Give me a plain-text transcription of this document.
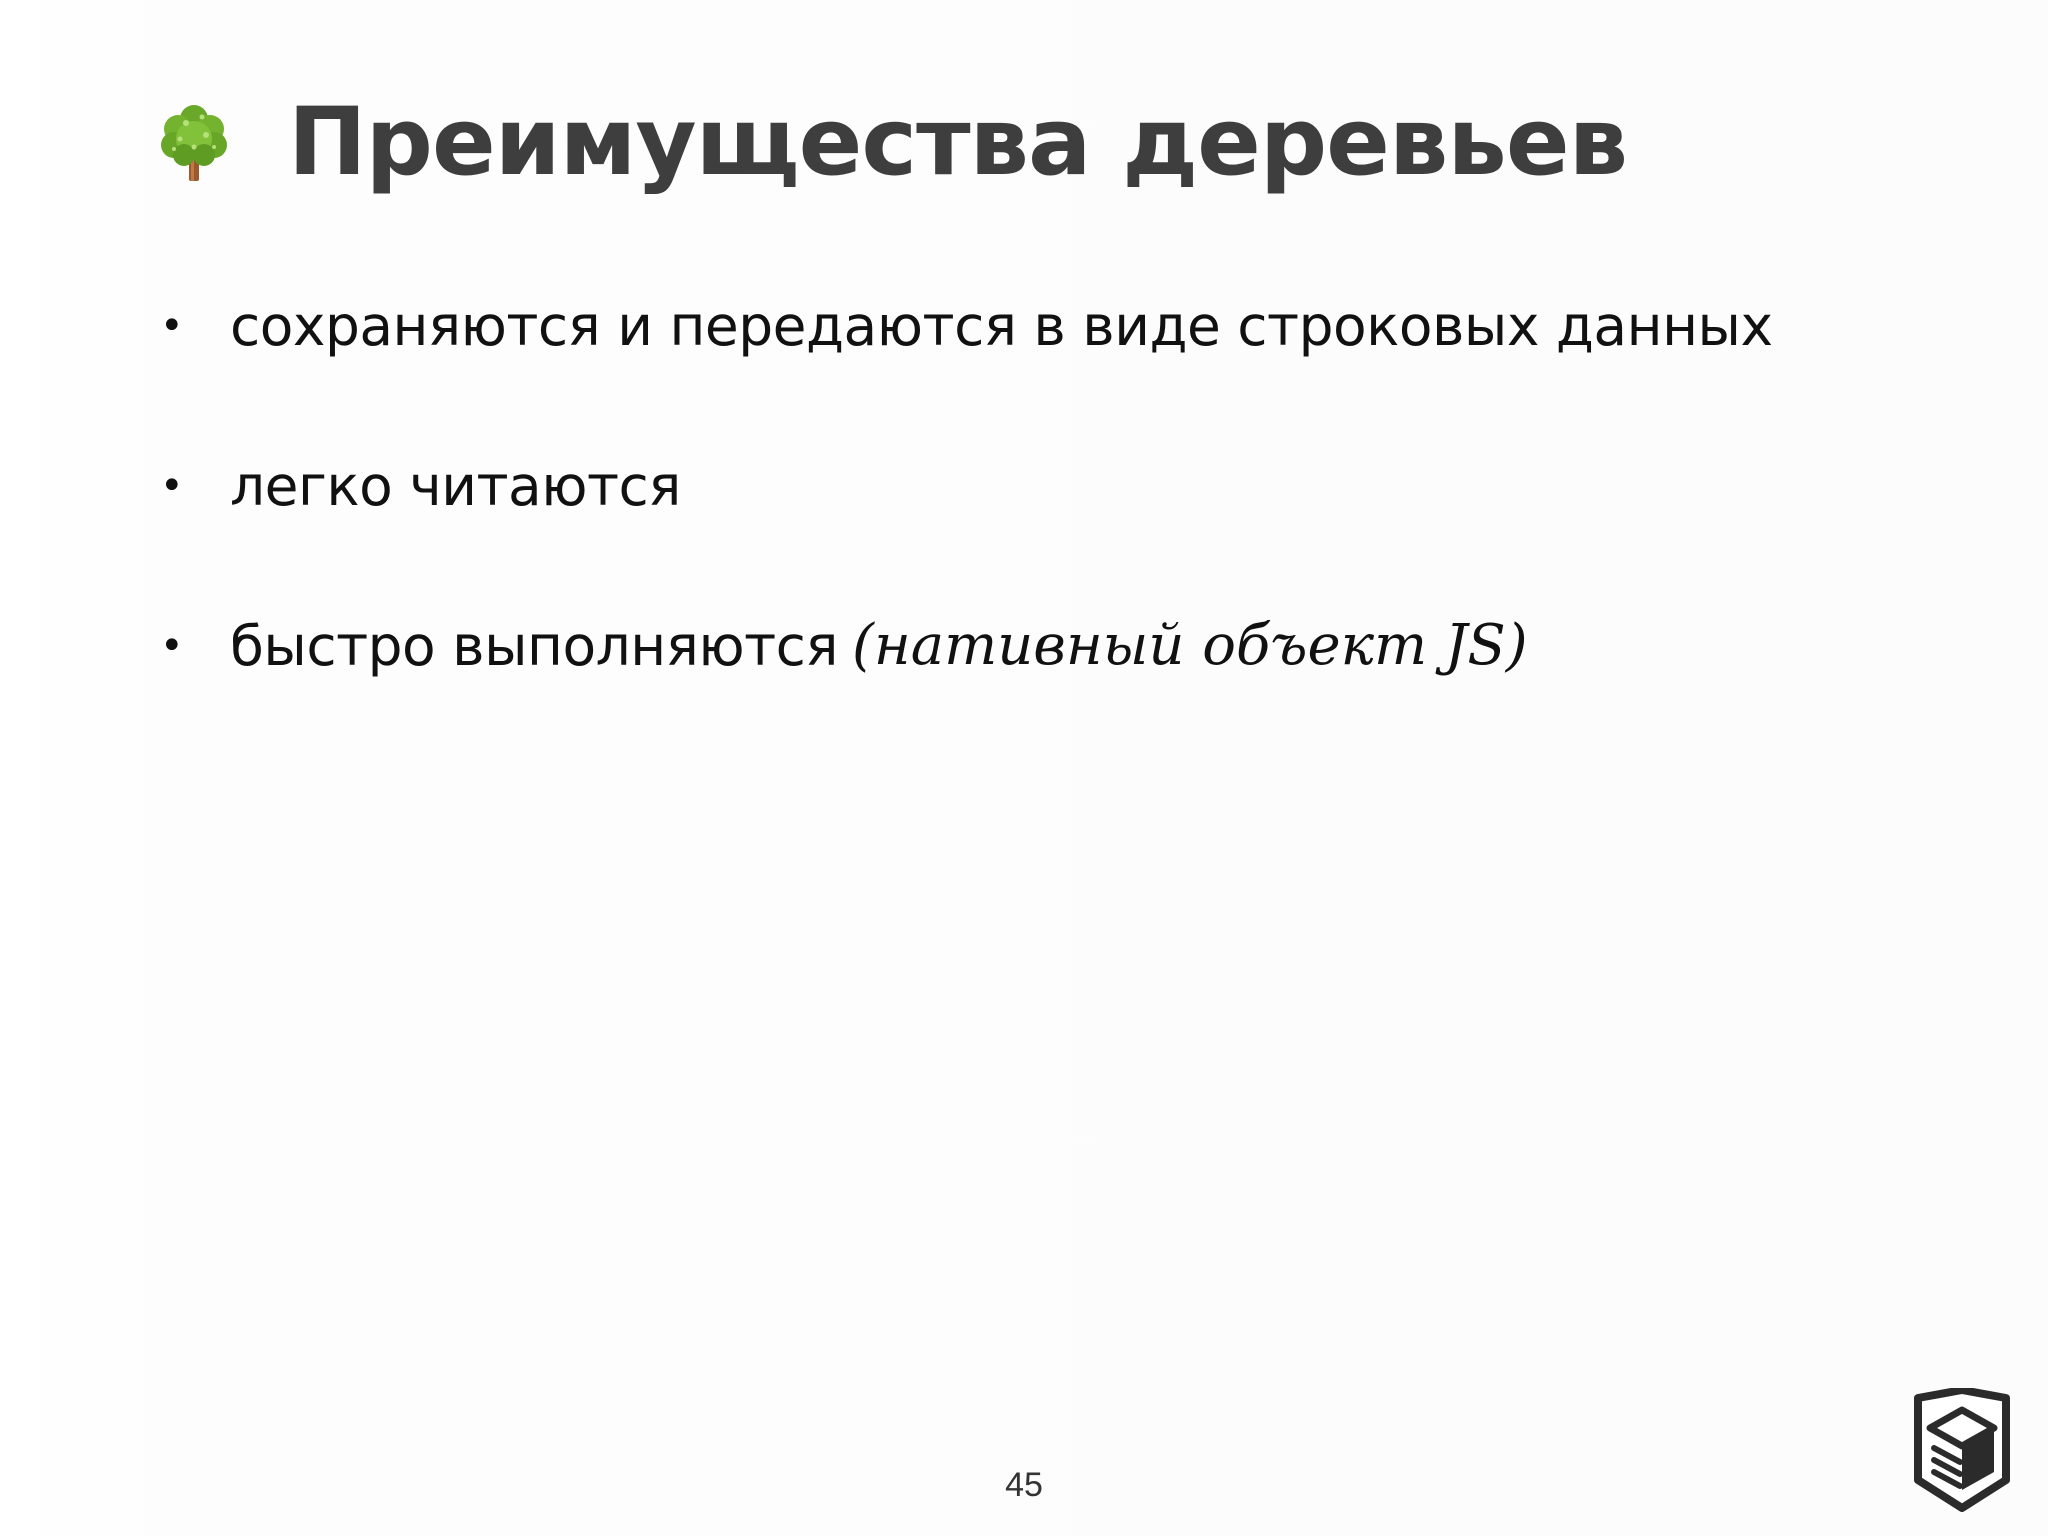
Преимущества деревьев
• сохраняются и передаются в виде строковых данных
• легко читаются
• быстро выполняются (нативный объект JS)
45
